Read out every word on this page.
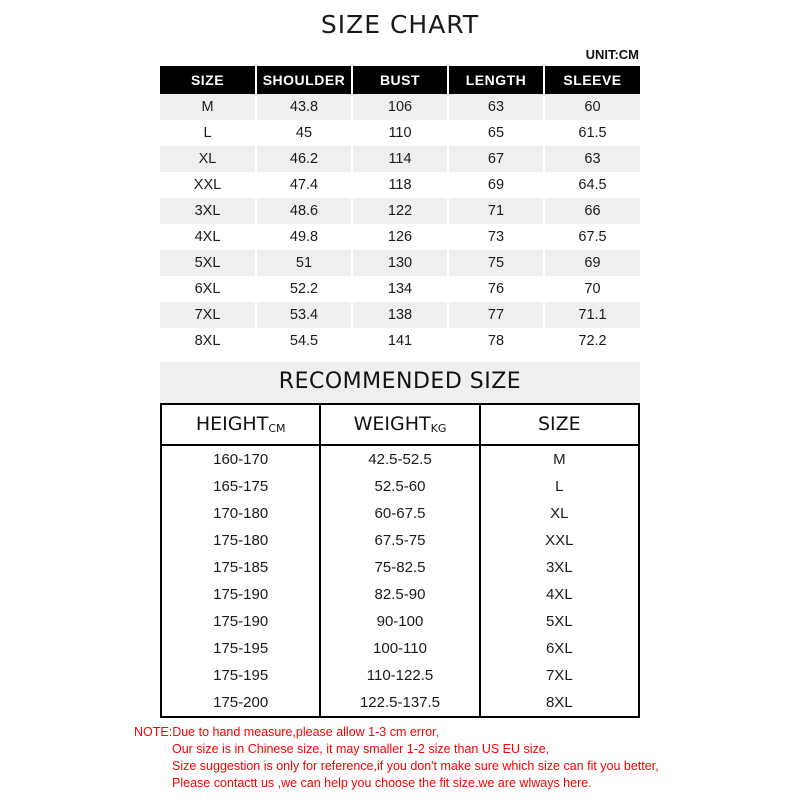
SIZE CHART
UNIT:CM
SIZE	SHOULDER	BUST	LENGTH	SLEEVE
M	43.8	106	63	60
L	45	110	65	61.5
XL	46.2	114	67	63
XXL	47.4	118	69	64.5
3XL	48.6	122	71	66
4XL	49.8	126	73	67.5
5XL	51	130	75	69
6XL	52.2	134	76	70
7XL	53.4	138	77	71.1
8XL	54.5	141	78	72.2
RECOMMENDED SIZE
HEIGHTCM	WEIGHTKG	SIZE
160-170	42.5-52.5	M
165-175	52.5-60	L
170-180	60-67.5	XL
175-180	67.5-75	XXL
175-185	75-82.5	3XL
175-190	82.5-90	4XL
175-190	90-100	5XL
175-195	100-110	6XL
175-195	110-122.5	7XL
175-200	122.5-137.5	8XL
NOTE:Due to hand measure,please allow 1-3 cm error,
Our size is in Chinese size, it may smaller 1-2 size than US EU size,
Size suggestion is only for reference,if you don't make sure which size can fit you better,
Please contactt us ,we can help you choose the fit size.we are wlways here.
